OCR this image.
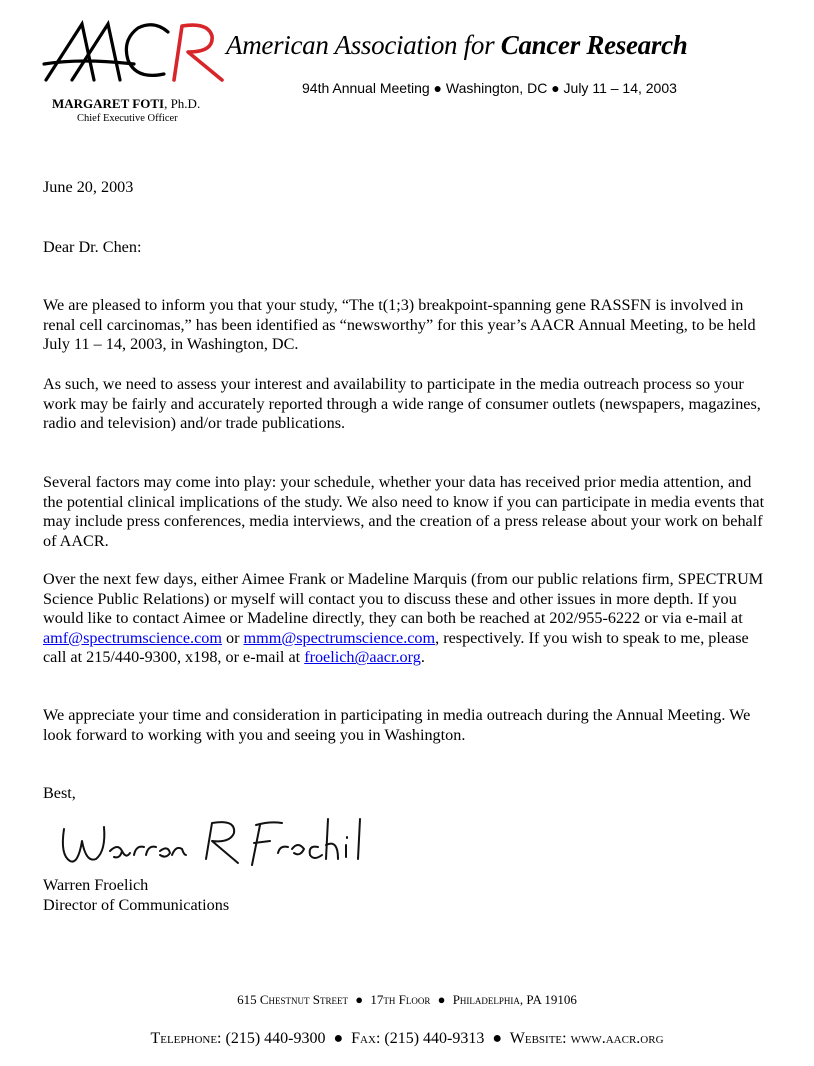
American Association for Cancer Research
94th Annual Meeting ● Washington, DC ● July 11 – 14, 2003
MARGARET FOTI, Ph.D.
Chief Executive Officer
June 20, 2003
Dear Dr. Chen:

We are pleased to inform you that your study, “The t(1;3) breakpoint-spanning gene RASSFN is involved in renal cell carcinomas,” has been identified as “newsworthy” for this year’s AACR Annual Meeting, to be held July 11 – 14, 2003, in Washington, DC.

As such, we need to assess your interest and availability to participate in the media outreach process so your work may be fairly and accurately reported through a wide range of consumer outlets (newspapers, magazines, radio and television) and/or trade publications.

Several factors may come into play: your schedule, whether your data has received prior media attention, and the potential clinical implications of the study. We also need to know if you can participate in media events that may include press conferences, media interviews, and the creation of a press release about your work on behalf of AACR.

Over the next few days, either Aimee Frank or Madeline Marquis (from our public relations firm, SPECTRUM Science Public Relations) or myself will contact you to discuss these and other issues in more depth. If you would like to contact Aimee or Madeline directly, they can both be reached at 202/955-6222 or via e-mail at amf@spectrumscience.com or mmm@spectrumscience.com, respectively. If you wish to speak to me, please call at 215/440-9300, x198, or e-mail at froelich@aacr.org.

We appreciate your time and consideration in participating in media outreach during the Annual Meeting. We look forward to working with you and seeing you in Washington.

Best,
Warren Froelich
Director of Communications
615 Chestnut Street ● 17th Floor ● Philadelphia, PA 19106
Telephone: (215) 440-9300 ● Fax: (215) 440-9313 ● Website: www.aacr.org
